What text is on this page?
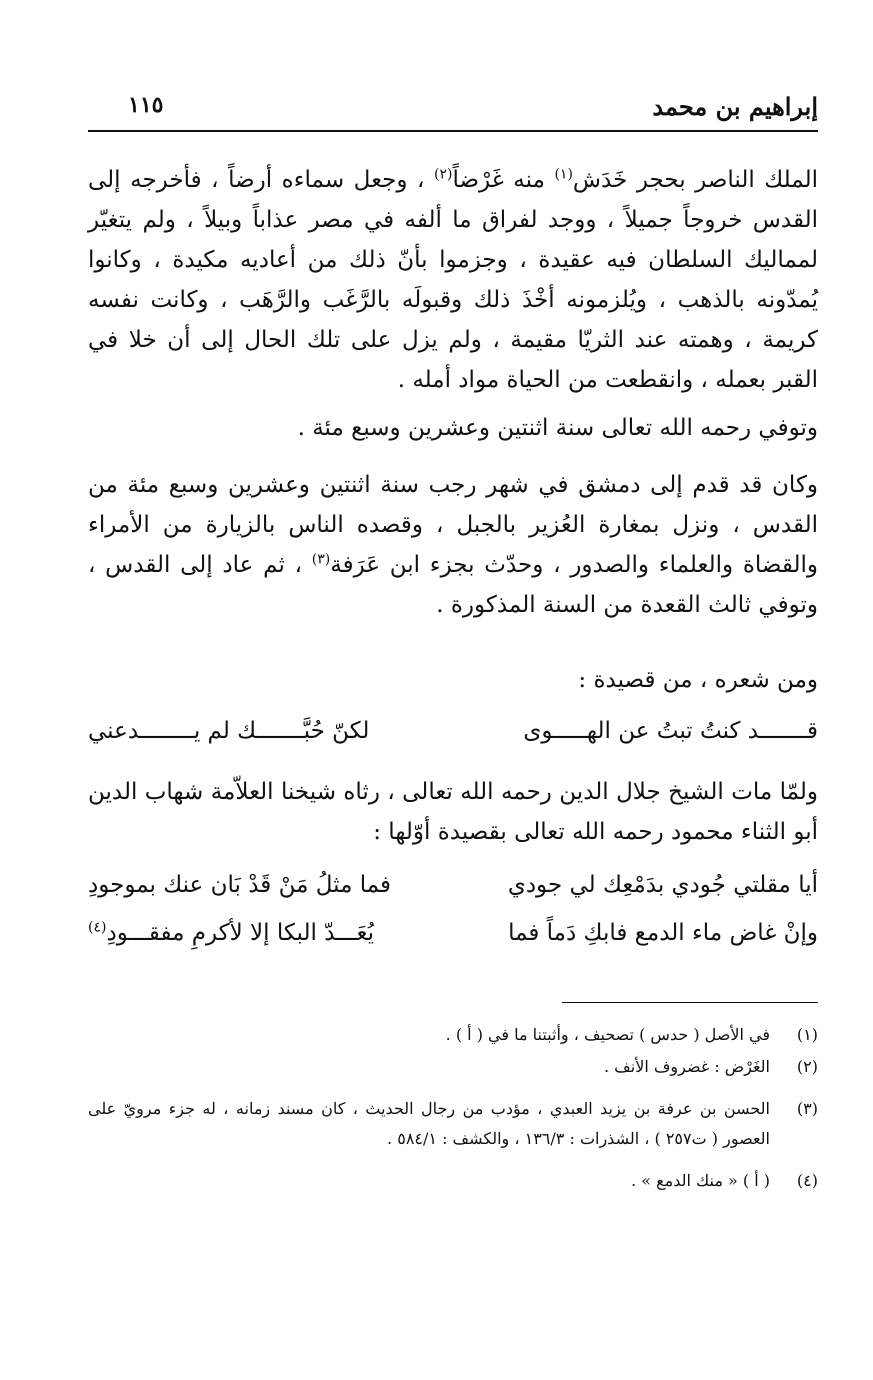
إبراهيم بن محمد
١١٥

الملك الناصر بحجر خَدَش$^{(١)}$ منه غَرْضاً$^{(٢)}$ ، وجعل سماءه أرضاً ، فأخرجه إلى القدس خروجاً جميلاً ، ووجد لفراق ما ألفه في مصر عذاباً وبيلاً ، ولم يتغيّر لمماليك السلطان فيه عقيدة ، وجزموا بأنّ ذلك من أعاديه مكيدة ، وكانوا يُمدّونه بالذهب ، ويُلزمونه أخْذَ ذلك وقبولَه بالرَّغَب والرَّهَب ، وكانت نفسه كريمة ، وهمته عند الثريّا مقيمة ، ولم يزل على تلك الحال إلى أن خلا في القبر بعمله ، وانقطعت من الحياة مواد أمله .

وتوفي رحمه الله تعالى سنة اثنتين وعشرين وسبع مئة .

وكان قد قدم إلى دمشق في شهر رجب سنة اثنتين وعشرين وسبع مئة من القدس ، ونزل بمغارة العُزير بالجبل ، وقصده الناس بالزيارة من الأمراء والقضاة والعلماء والصدور ، وحدّث بجزء ابن عَرَفة$^{(٣)}$ ، ثم عاد إلى القدس ، وتوفي ثالث القعدة من السنة المذكورة .

ومن شعره ، من قصيدة :

قـــــــد كنتُ تبتُ عن الهـــــوى
لكنّ حُبَّـــــــك لم يــــــــدعني

ولمّا مات الشيخ جلال الدين رحمه الله تعالى ، رثاه شيخنا العلاّمة شهاب الدين أبو الثناء محمود رحمه الله تعالى بقصيدة أوّلها :

أيا مقلتي جُودي بدَمْعِك لي جودي
فما مثلُ مَنْ قَدْ بَان عنك بموجودِ
وإنْ غاض ماء الدمع فابكِ دَماً فما
يُعَـــدّ البكا إلا لأكرمِ مفقـــودِ$^{(٤)}$
(١)
في الأصل ( حدس ) تصحيف ، وأثبتنا ما في ( أ ) .
(٢)
الغَرْض : غضروف الأنف .
(٣)
الحسن بن عرفة بن يزيد العبدي ، مؤدب من رجال الحديث ، كان مسند زمانه ، له جزء مرويّ على العصور ( ت٢٥٧ ) ، الشذرات : ١٣٦/٣ ، والكشف : ٥٨٤/١ .
(٤)
( أ ) « منك الدمع » .
